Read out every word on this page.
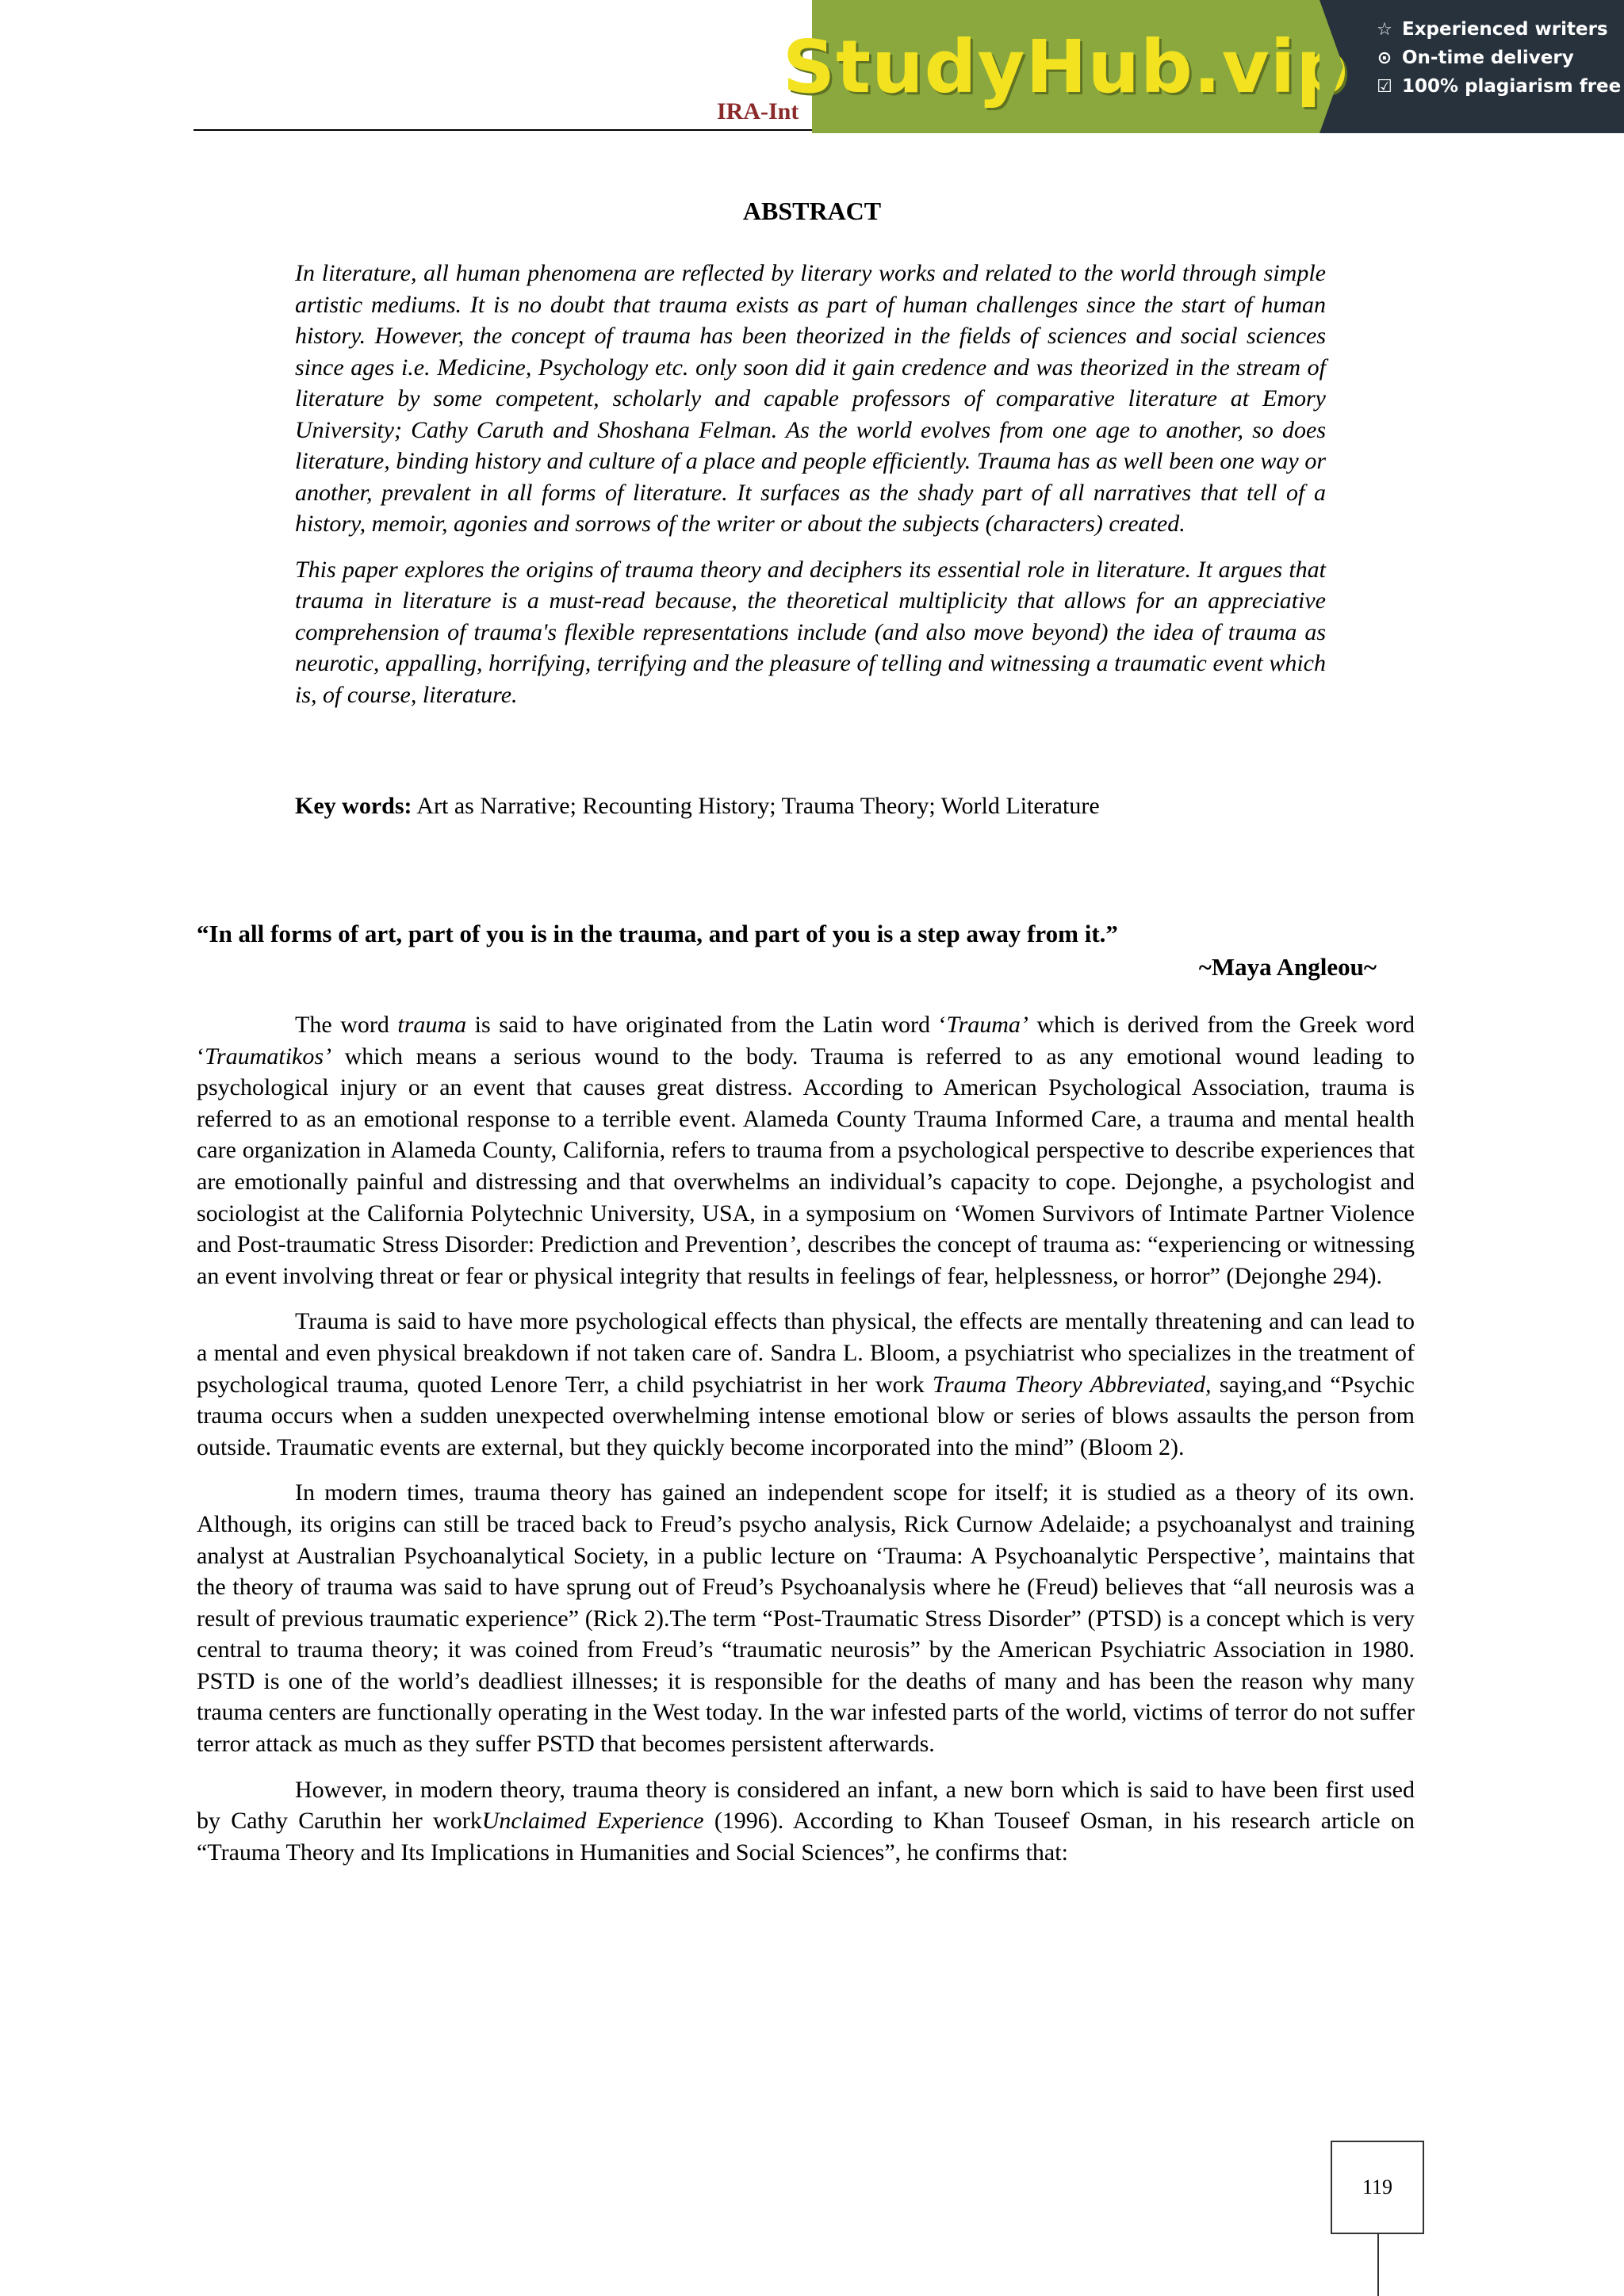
IRA-Int
StudyHub.vip ☆ Experienced writers
⊙ On-time delivery
☑ 100% plagiarism free
ABSTRACT

In literature, all human phenomena are reflected by literary works and related to the world through simple artistic mediums. It is no doubt that trauma exists as part of human challenges since the start of human history. However, the concept of trauma has been theorized in the fields of sciences and social sciences since ages i.e. Medicine, Psychology etc. only soon did it gain credence and was theorized in the stream of literature by some competent, scholarly and capable professors of comparative literature at Emory University; Cathy Caruth and Shoshana Felman. As the world evolves from one age to another, so does literature, binding history and culture of a place and people efficiently. Trauma has as well been one way or another, prevalent in all forms of literature. It surfaces as the shady part of all narratives that tell of a history, memoir, agonies and sorrows of the writer or about the subjects (characters) created.

This paper explores the origins of trauma theory and deciphers its essential role in literature. It argues that trauma in literature is a must-read because, the theoretical multiplicity that allows for an appreciative comprehension of trauma's flexible representations include (and also move beyond) the idea of trauma as neurotic, appalling, horrifying, terrifying and the pleasure of telling and witnessing a traumatic event which is, of course, literature.

Key words: Art as Narrative; Recounting History; Trauma Theory; World Literature
“In all forms of art, part of you is in the trauma, and part of you is a step away from it.”
~Maya Angleou~

The word trauma is said to have originated from the Latin word ‘Trauma’ which is derived from the Greek word ‘Traumatikos’ which means a serious wound to the body. Trauma is referred to as any emotional wound leading to psychological injury or an event that causes great distress. According to American Psychological Association, trauma is referred to as an emotional response to a terrible event. Alameda County Trauma Informed Care, a trauma and mental health care organization in Alameda County, California, refers to trauma from a psychological perspective to describe experiences that are emotionally painful and distressing and that overwhelms an individual’s capacity to cope. Dejonghe, a psychologist and sociologist at the California Polytechnic University, USA, in a symposium on ‘Women Survivors of Intimate Partner Violence and Post-traumatic Stress Disorder: Prediction and Prevention’, describes the concept of trauma as: “experiencing or witnessing an event involving threat or fear or physical integrity that results in feelings of fear, helplessness, or horror” (Dejonghe 294).

Trauma is said to have more psychological effects than physical, the effects are mentally threatening and can lead to a mental and even physical breakdown if not taken care of. Sandra L. Bloom, a psychiatrist who specializes in the treatment of psychological trauma, quoted Lenore Terr, a child psychiatrist in her work Trauma Theory Abbreviated, saying,and “Psychic trauma occurs when a sudden unexpected overwhelming intense emotional blow or series of blows assaults the person from outside. Traumatic events are external, but they quickly become incorporated into the mind” (Bloom 2).

In modern times, trauma theory has gained an independent scope for itself; it is studied as a theory of its own. Although, its origins can still be traced back to Freud’s psycho analysis, Rick Curnow Adelaide; a psychoanalyst and training analyst at Australian Psychoanalytical Society, in a public lecture on ‘Trauma: A Psychoanalytic Perspective’, maintains that the theory of trauma was said to have sprung out of Freud’s Psychoanalysis where he (Freud) believes that “all neurosis was a result of previous traumatic experience” (Rick 2).The term “Post-Traumatic Stress Disorder” (PTSD) is a concept which is very central to trauma theory; it was coined from Freud’s “traumatic neurosis” by the American Psychiatric Association in 1980. PSTD is one of the world’s deadliest illnesses; it is responsible for the deaths of many and has been the reason why many trauma centers are functionally operating in the West today. In the war infested parts of the world, victims of terror do not suffer terror attack as much as they suffer PSTD that becomes persistent afterwards.

However, in modern theory, trauma theory is considered an infant, a new born which is said to have been first used by Cathy Caruthin her workUnclaimed Experience (1996). According to Khan Touseef Osman, in his research article on “Trauma Theory and Its Implications in Humanities and Social Sciences”, he confirms that:

119
